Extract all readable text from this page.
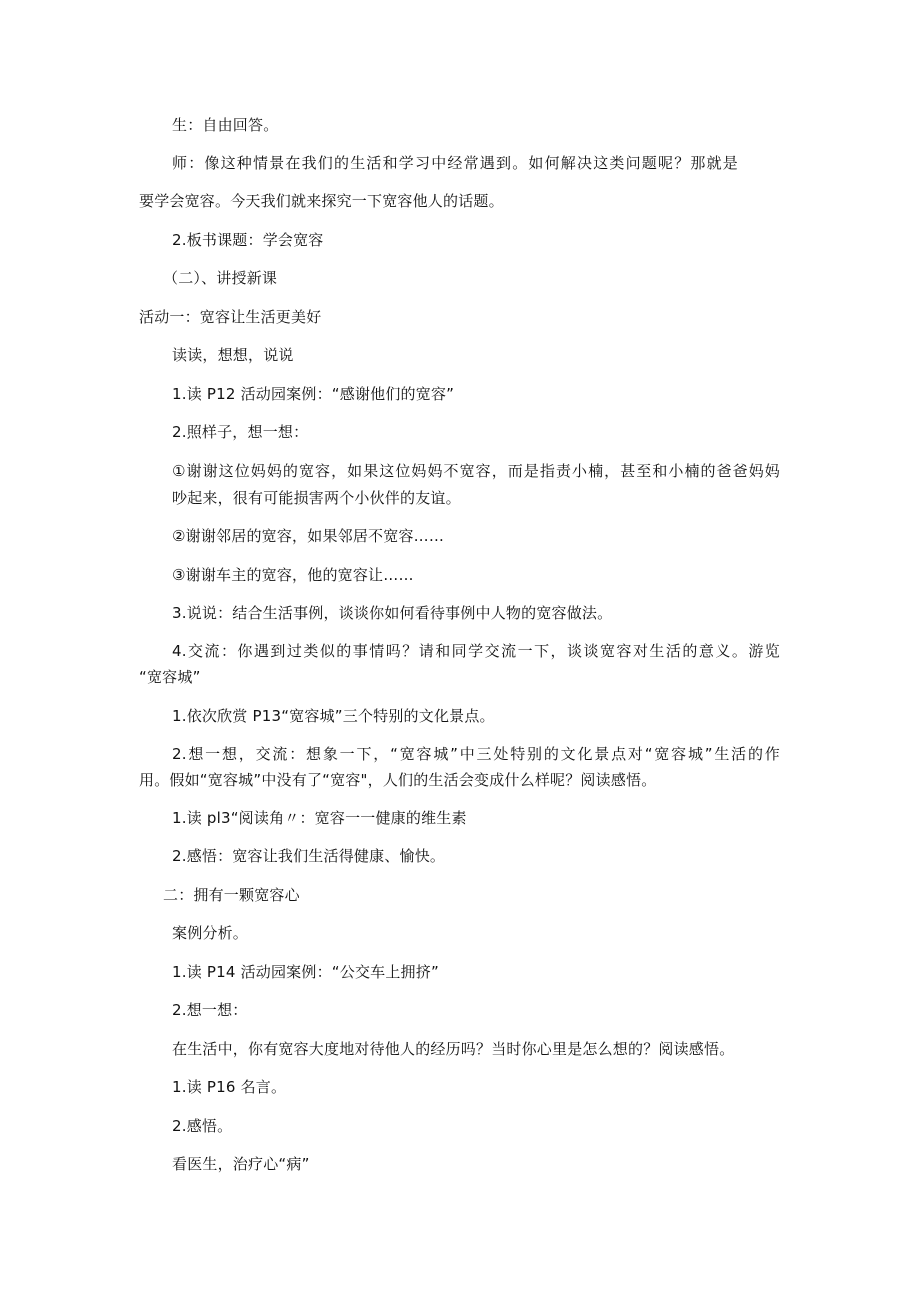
生：自由回答。
师：像这种情景在我们的生活和学习中经常遇到。如何解决这类问题呢？那就是
要学会宽容。今天我们就来探究一下宽容他人的话题。
2.板书课题：学会宽容
（二）、讲授新课
活动一：宽容让生活更美好
读读，想想，说说
1.读 P12 活动园案例：“感谢他们的宽容”
2.照样子，想一想：
①谢谢这位妈妈的宽容，如果这位妈妈不宽容，而是指责小楠，甚至和小楠的爸爸妈妈
吵起来，很有可能损害两个小伙伴的友谊。
②谢谢邻居的宽容，如果邻居不宽容……
③谢谢车主的宽容，他的宽容让……
3.说说：结合生活事例，谈谈你如何看待事例中人物的宽容做法。
4.交流：你遇到过类似的事情吗？请和同学交流一下，谈谈宽容对生活的意义。游览
“宽容城”
1.依次欣赏 P13“宽容城”三个特别的文化景点。
2.想一想，交流：想象一下，“宽容城”中三处特别的文化景点对“宽容城”生活的作
用。假如“宽容城”中没有了“宽容"，人们的生活会变成什么样呢？阅读感悟。
1.读 pl3“阅读角〃：宽容一一健康的维生素
2.感悟：宽容让我们生活得健康、愉快。
二：拥有一颗宽容心
案例分析。
1.读 P14 活动园案例：“公交车上拥挤”
2.想一想：
在生活中，你有宽容大度地对待他人的经历吗？当时你心里是怎么想的？阅读感悟。
1.读 P16 名言。
2.感悟。
看医生，治疗心“病”
